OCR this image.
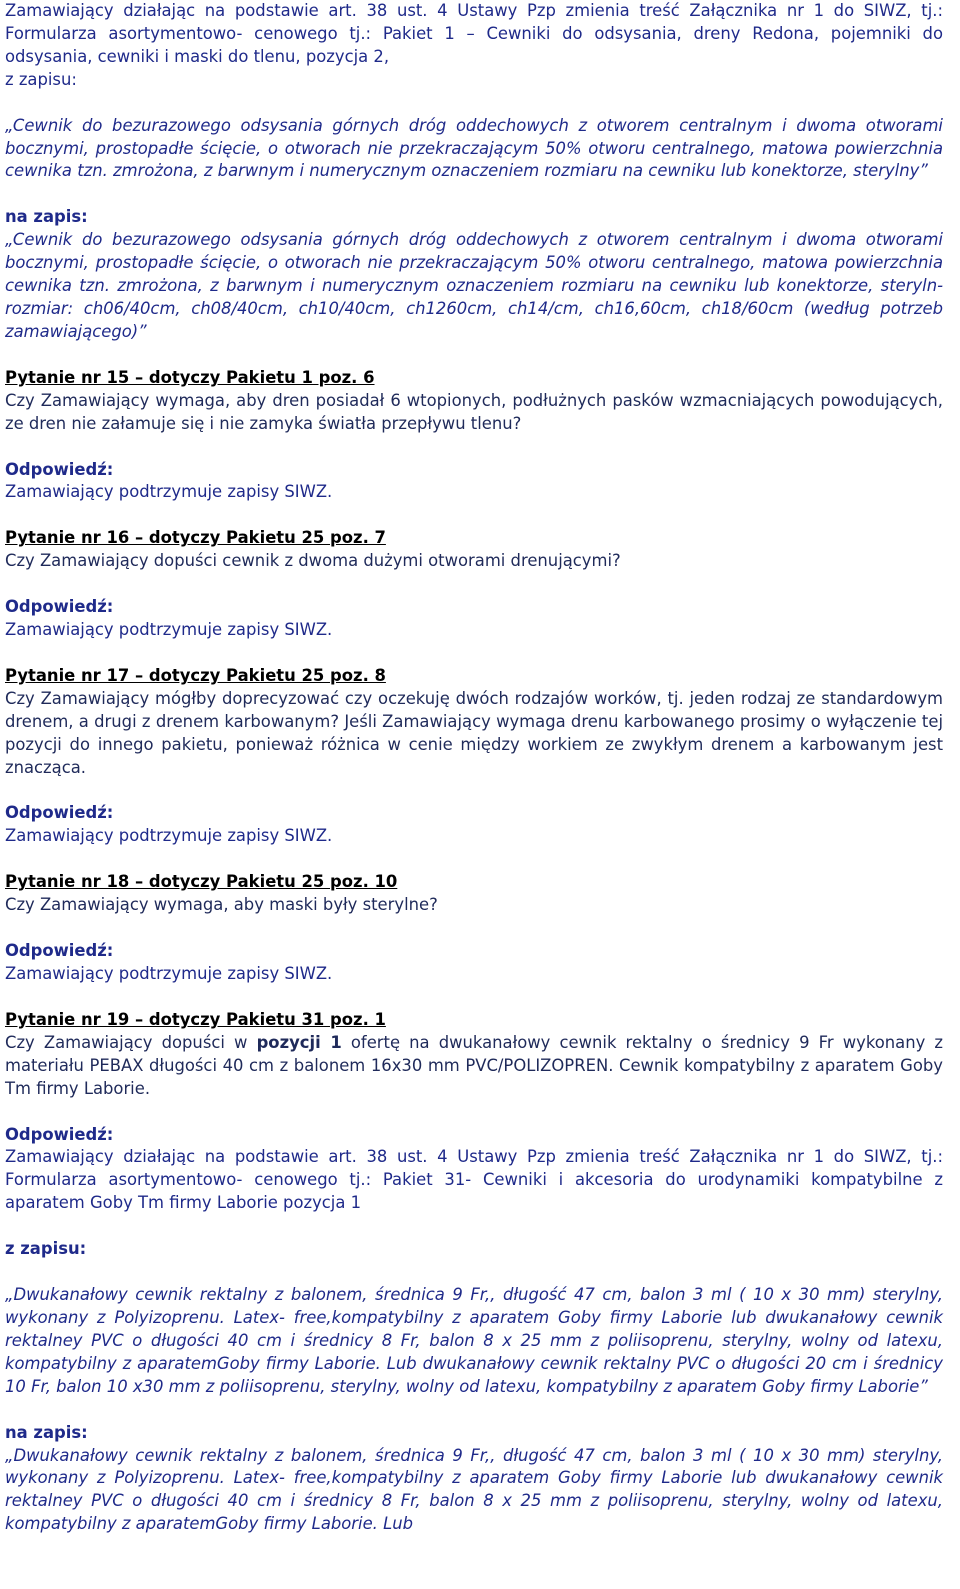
Zamawiający działając na podstawie art. 38 ust. 4 Ustawy Pzp zmienia treść Załącznika nr 1 do SIWZ, tj.: Formularza asortymentowo- cenowego tj.: Pakiet 1 – Cewniki do odsysania, dreny Redona, pojemniki do odsysania, cewniki i maski do tlenu, pozycja 2,

z zapisu:

„Cewnik do bezurazowego odsysania górnych dróg oddechowych z otworem centralnym i dwoma otworami bocznymi, prostopadłe ścięcie, o otworach nie przekraczającym 50% otworu centralnego, matowa powierzchnia cewnika tzn. zmrożona, z barwnym i numerycznym oznaczeniem rozmiaru na cewniku lub konektorze, sterylny”

na zapis:

„Cewnik do bezurazowego odsysania górnych dróg oddechowych z otworem centralnym i dwoma otworami bocznymi, prostopadłe ścięcie, o otworach nie przekraczającym 50% otworu centralnego, matowa powierzchnia cewnika tzn. zmrożona, z barwnym i numerycznym oznaczeniem rozmiaru na cewniku lub konektorze, steryln- rozmiar: ch06/40cm, ch08/40cm, ch10/40cm, ch1260cm, ch14/cm, ch16,60cm, ch18/60cm (według potrzeb zamawiającego)”

Pytanie nr 15 – dotyczy Pakietu 1 poz. 6

Czy Zamawiający wymaga, aby dren posiadał 6 wtopionych, podłużnych pasków wzmacniających powodujących, ze dren nie załamuje się i nie zamyka światła przepływu tlenu?

Odpowiedź:

Zamawiający podtrzymuje zapisy SIWZ.

Pytanie nr 16 – dotyczy Pakietu 25 poz. 7

Czy Zamawiający dopuści cewnik z dwoma dużymi otworami drenującymi?

Odpowiedź:

Zamawiający podtrzymuje zapisy SIWZ.

Pytanie nr 17 – dotyczy Pakietu 25 poz. 8

Czy Zamawiający mógłby doprecyzować czy oczekuję dwóch rodzajów worków, tj. jeden rodzaj ze standardowym drenem, a drugi z drenem karbowanym? Jeśli Zamawiający wymaga drenu karbowanego prosimy o wyłączenie tej pozycji do innego pakietu, ponieważ różnica w cenie między workiem ze zwykłym drenem a karbowanym jest znacząca.

Odpowiedź:

Zamawiający podtrzymuje zapisy SIWZ.

Pytanie nr 18 – dotyczy Pakietu 25 poz. 10

Czy Zamawiający wymaga, aby maski były sterylne?

Odpowiedź:

Zamawiający podtrzymuje zapisy SIWZ.

Pytanie nr 19 – dotyczy Pakietu 31 poz. 1

Czy Zamawiający dopuści w pozycji 1 ofertę na dwukanałowy cewnik rektalny o średnicy 9 Fr wykonany z materiału PEBAX długości 40 cm z balonem 16x30 mm PVC/POLIZOPREN. Cewnik kompatybilny z aparatem Goby Tm firmy Laborie.

Odpowiedź:

Zamawiający działając na podstawie art. 38 ust. 4 Ustawy Pzp zmienia treść Załącznika nr 1 do SIWZ, tj.: Formularza asortymentowo- cenowego tj.: Pakiet 31- Cewniki i akcesoria do urodynamiki kompatybilne z aparatem Goby Tm firmy Laborie pozycja 1

z zapisu:

„Dwukanałowy cewnik rektalny z balonem, średnica 9 Fr,, długość 47 cm, balon 3 ml ( 10 x 30 mm) sterylny, wykonany z Polyizoprenu. Latex- free,kompatybilny z aparatem Goby firmy Laborie lub dwukanałowy cewnik rektalney PVC o długości 40 cm i średnicy 8 Fr, balon 8 x 25 mm z poliisoprenu, sterylny, wolny od latexu, kompatybilny z aparatemGoby firmy Laborie. Lub dwukanałowy cewnik rektalny PVC o długości 20 cm i średnicy 10 Fr, balon 10 x30 mm z poliisoprenu, sterylny, wolny od latexu, kompatybilny z aparatem Goby firmy Laborie”

na zapis:

„Dwukanałowy cewnik rektalny z balonem, średnica 9 Fr,, długość 47 cm, balon 3 ml ( 10 x 30 mm) sterylny, wykonany z Polyizoprenu. Latex- free,kompatybilny z aparatem Goby firmy Laborie lub dwukanałowy cewnik rektalney PVC o długości 40 cm i średnicy 8 Fr, balon 8 x 25 mm z poliisoprenu, sterylny, wolny od latexu, kompatybilny z aparatemGoby firmy Laborie. Lub
